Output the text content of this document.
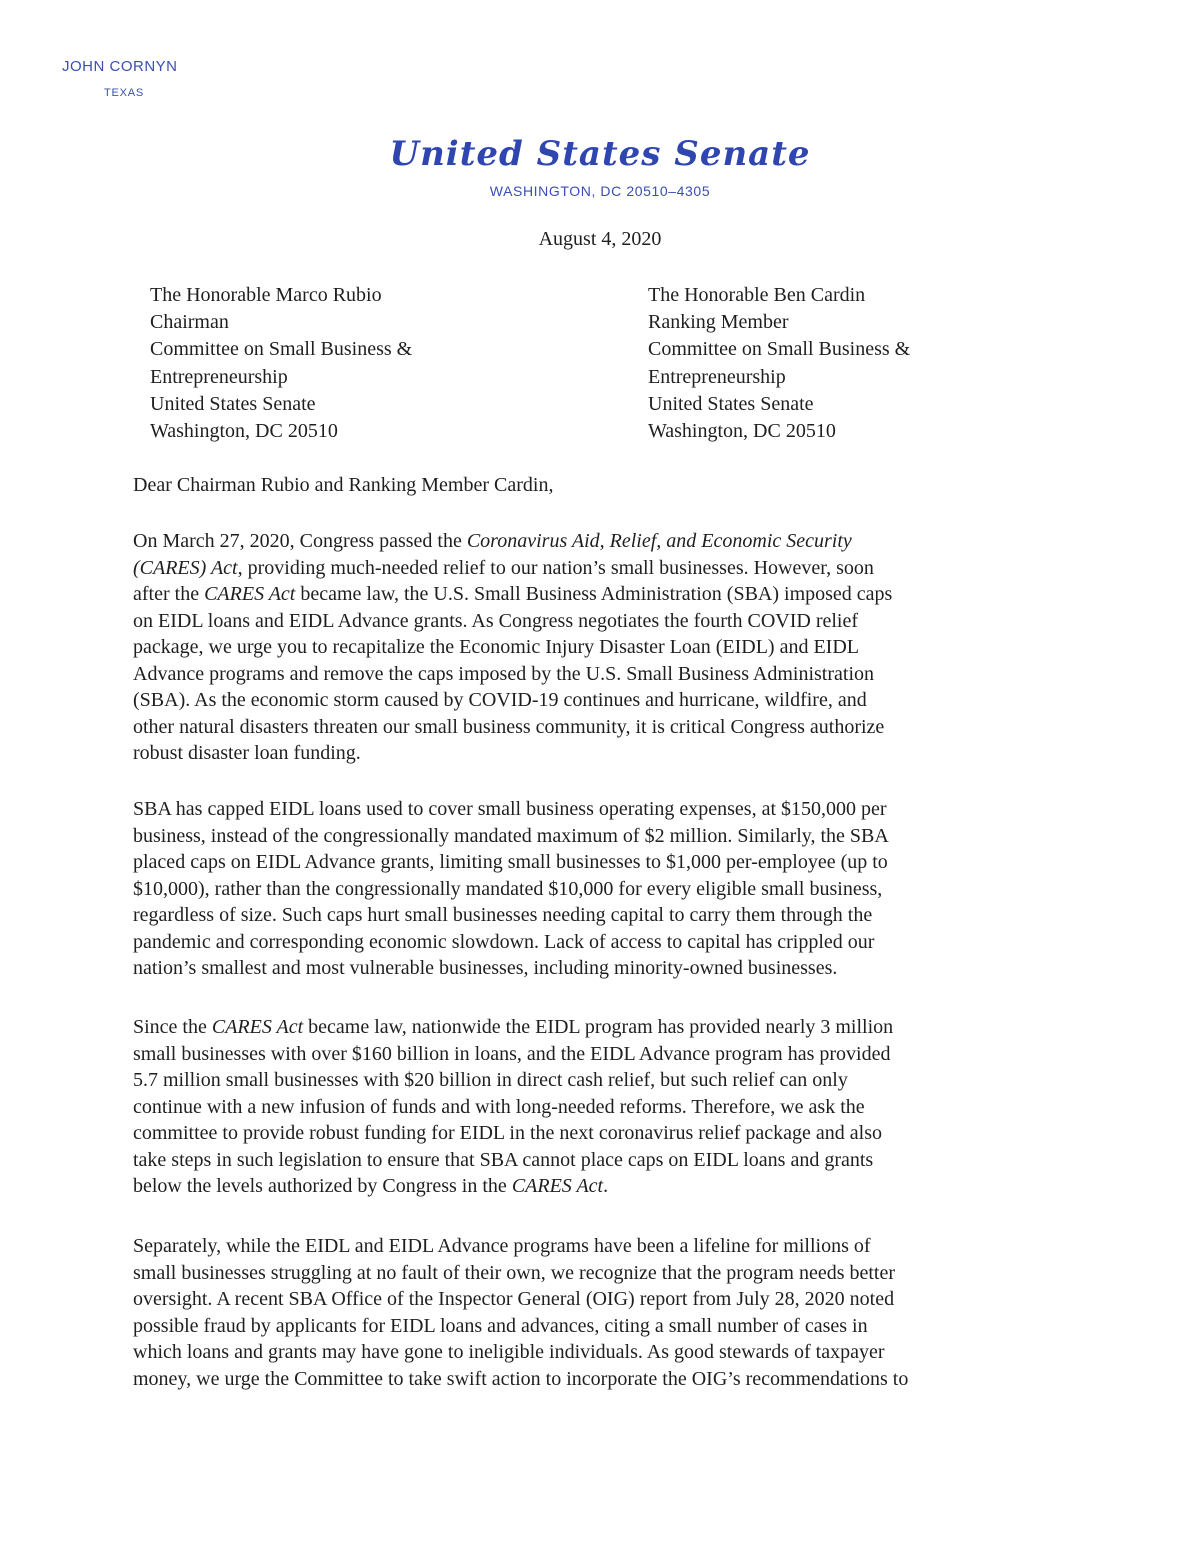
JOHN CORNYN
TEXAS
United States Senate
WASHINGTON, DC 20510–4305
August 4, 2020
The Honorable Marco Rubio
Chairman
Committee on Small Business &
Entrepreneurship
United States Senate
Washington, DC 20510
The Honorable Ben Cardin
Ranking Member
Committee on Small Business &
Entrepreneurship
United States Senate
Washington, DC 20510
Dear Chairman Rubio and Ranking Member Cardin,
On March 27, 2020, Congress passed the Coronavirus Aid, Relief, and Economic Security
(CARES) Act, providing much-needed relief to our nation’s small businesses. However, soon
after the CARES Act became law, the U.S. Small Business Administration (SBA) imposed caps
on EIDL loans and EIDL Advance grants. As Congress negotiates the fourth COVID relief
package, we urge you to recapitalize the Economic Injury Disaster Loan (EIDL) and EIDL
Advance programs and remove the caps imposed by the U.S. Small Business Administration
(SBA). As the economic storm caused by COVID-19 continues and hurricane, wildfire, and
other natural disasters threaten our small business community, it is critical Congress authorize
robust disaster loan funding.
SBA has capped EIDL loans used to cover small business operating expenses, at $150,000 per
business, instead of the congressionally mandated maximum of $2 million. Similarly, the SBA
placed caps on EIDL Advance grants, limiting small businesses to $1,000 per-employee (up to
$10,000), rather than the congressionally mandated $10,000 for every eligible small business,
regardless of size. Such caps hurt small businesses needing capital to carry them through the
pandemic and corresponding economic slowdown. Lack of access to capital has crippled our
nation’s smallest and most vulnerable businesses, including minority-owned businesses.
Since the CARES Act became law, nationwide the EIDL program has provided nearly 3 million
small businesses with over $160 billion in loans, and the EIDL Advance program has provided
5.7 million small businesses with $20 billion in direct cash relief, but such relief can only
continue with a new infusion of funds and with long-needed reforms. Therefore, we ask the
committee to provide robust funding for EIDL in the next coronavirus relief package and also
take steps in such legislation to ensure that SBA cannot place caps on EIDL loans and grants
below the levels authorized by Congress in the CARES Act.
Separately, while the EIDL and EIDL Advance programs have been a lifeline for millions of
small businesses struggling at no fault of their own, we recognize that the program needs better
oversight. A recent SBA Office of the Inspector General (OIG) report from July 28, 2020 noted
possible fraud by applicants for EIDL loans and advances, citing a small number of cases in
which loans and grants may have gone to ineligible individuals. As good stewards of taxpayer
money, we urge the Committee to take swift action to incorporate the OIG’s recommendations to
